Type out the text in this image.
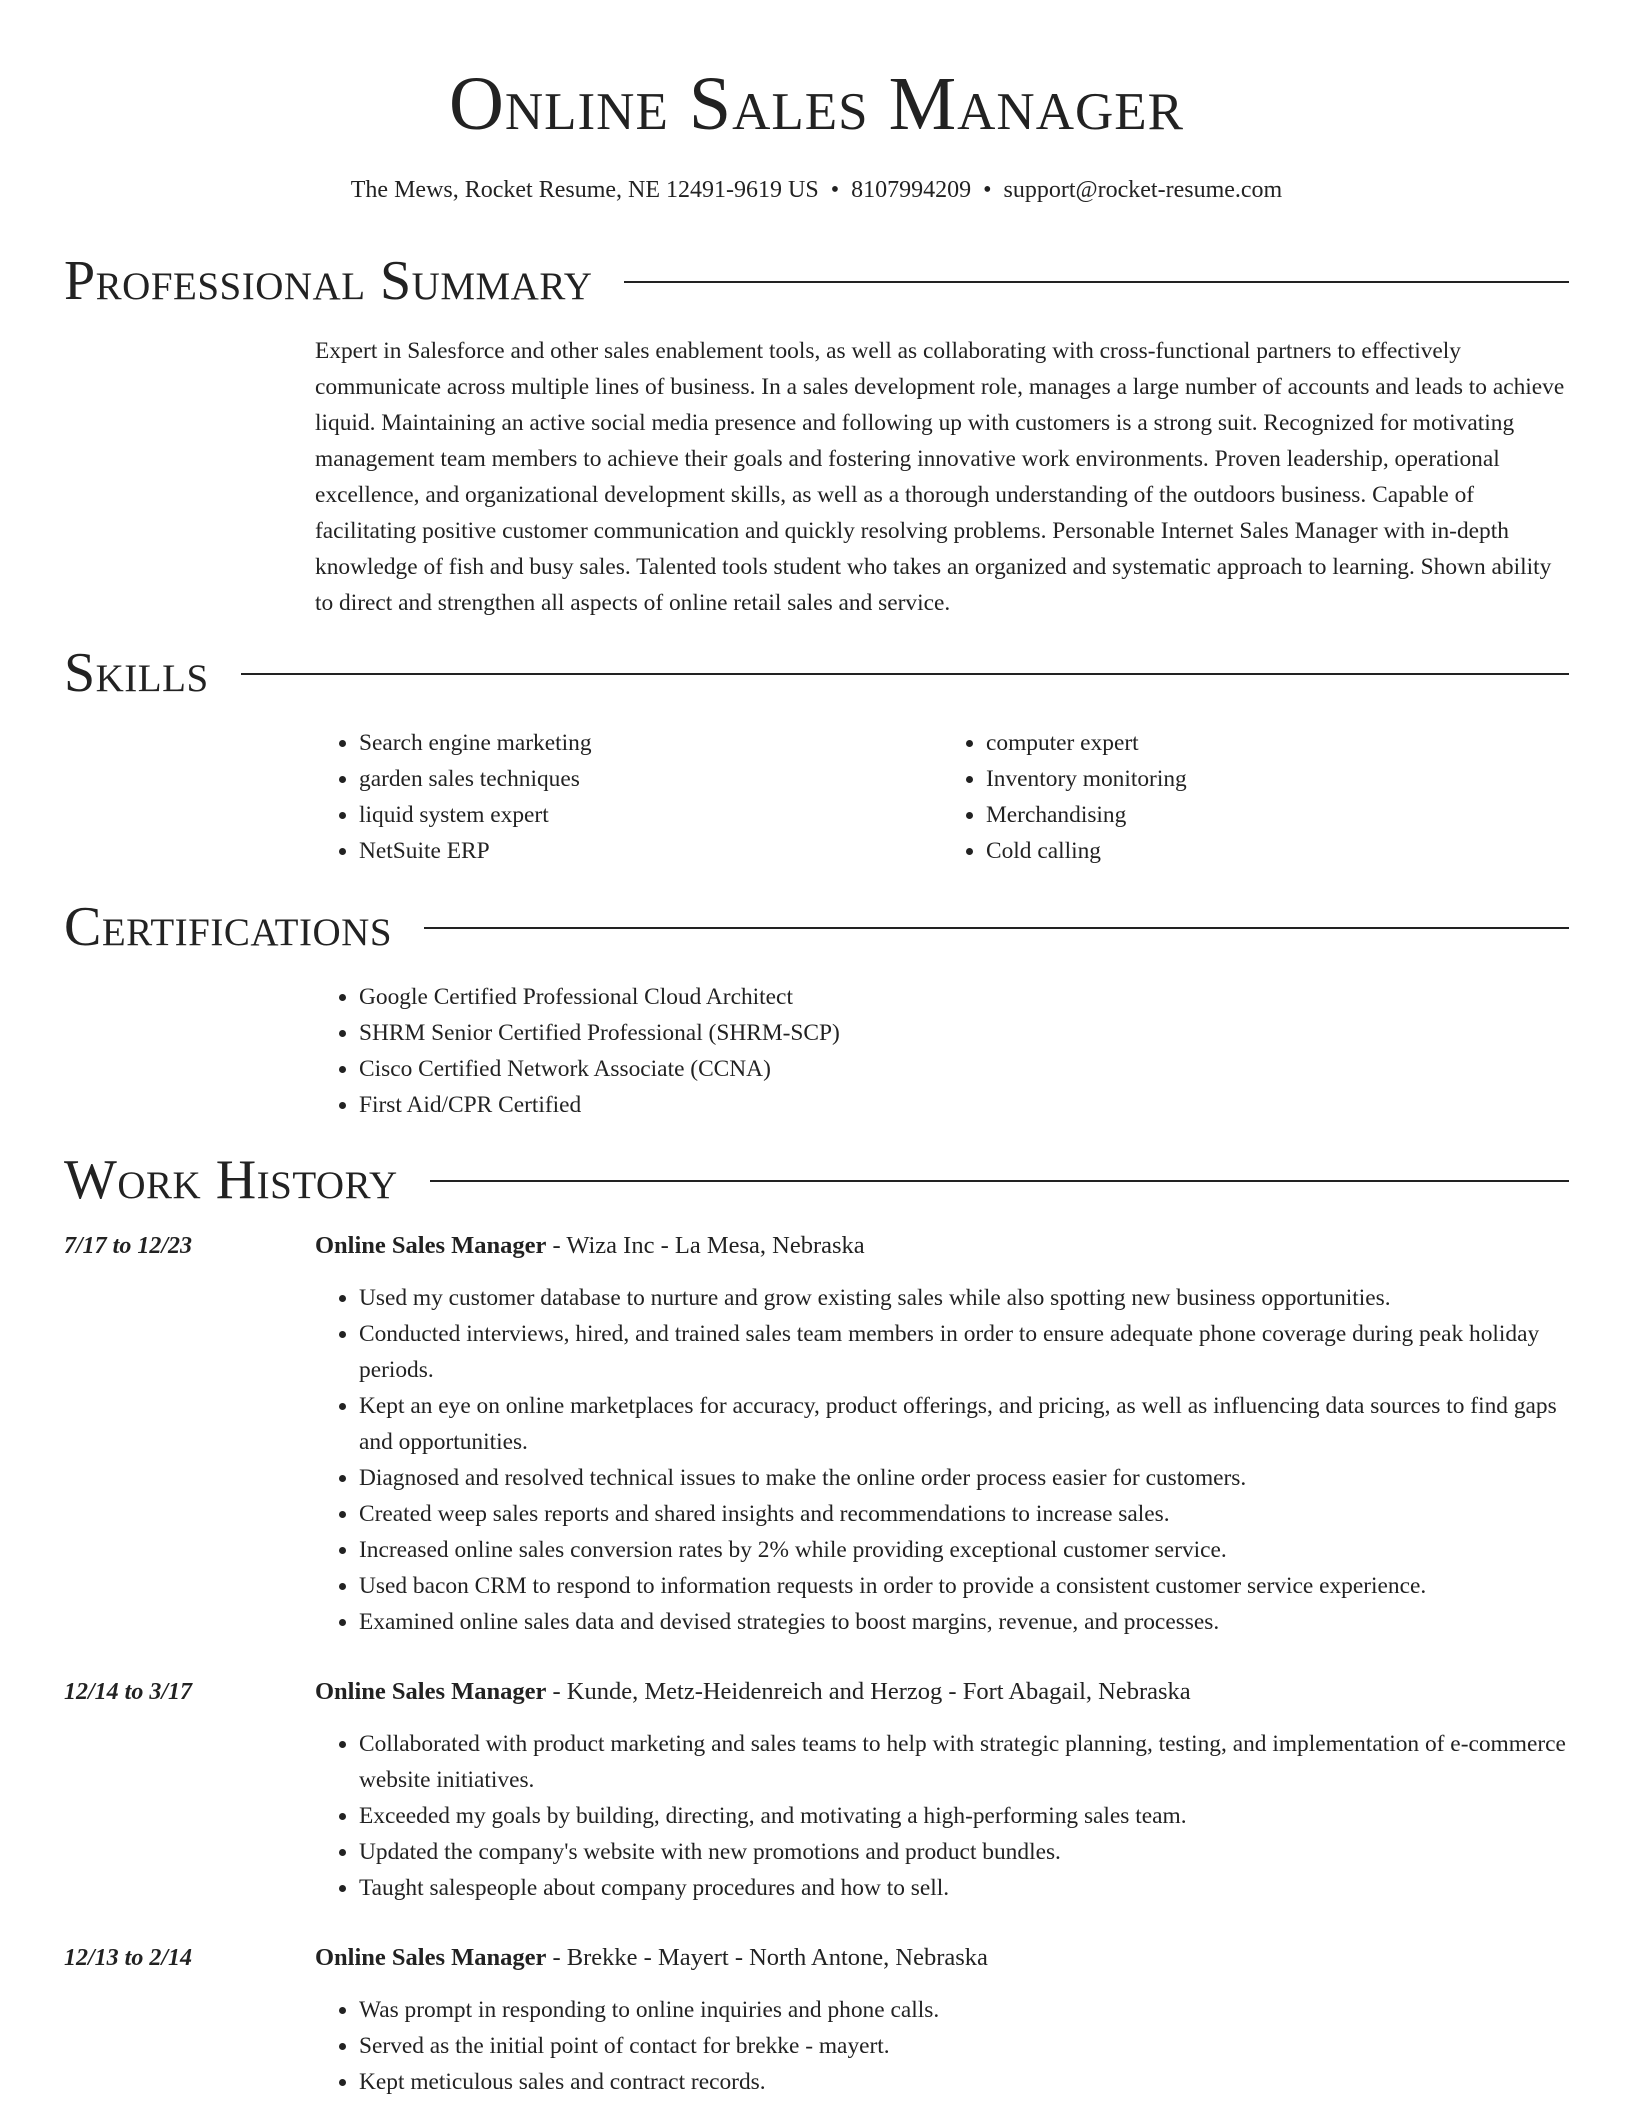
Online Sales Manager
The Mews, Rocket Resume, NE 12491-9619 US • 8107994209 • support@rocket-resume.com
Professional Summary

Expert in Salesforce and other sales enablement tools, as well as collaborating with cross-functional partners to effectively communicate across multiple lines of business. In a sales development role, manages a large number of accounts and leads to achieve liquid. Maintaining an active social media presence and following up with customers is a strong suit. Recognized for motivating management team members to achieve their goals and fostering innovative work environments. Proven leadership, operational excellence, and organizational development skills, as well as a thorough understanding of the outdoors business. Capable of facilitating positive customer communication and quickly resolving problems. Personable Internet Sales Manager with in-depth knowledge of fish and busy sales. Talented tools student who takes an organized and systematic approach to learning. Shown ability to direct and strengthen all aspects of online retail sales and service.

Skills
• Search engine marketing
• garden sales techniques
• liquid system expert
• NetSuite ERP
• computer expert
• Inventory monitoring
• Merchandising
• Cold calling
Certifications
• Google Certified Professional Cloud Architect
• SHRM Senior Certified Professional (SHRM-SCP)
• Cisco Certified Network Associate (CCNA)
• First Aid/CPR Certified
Work History
7/17 to 12/23	Online Sales Manager - Wiza Inc - La Mesa, Nebraska
• Used my customer database to nurture and grow existing sales while also spotting new business opportunities.
• Conducted interviews, hired, and trained sales team members in order to ensure adequate phone coverage during peak holiday periods.
• Kept an eye on online marketplaces for accuracy, product offerings, and pricing, as well as influencing data sources to find gaps and opportunities.
• Diagnosed and resolved technical issues to make the online order process easier for customers.
• Created weep sales reports and shared insights and recommendations to increase sales.
• Increased online sales conversion rates by 2% while providing exceptional customer service.
• Used bacon CRM to respond to information requests in order to provide a consistent customer service experience.
• Examined online sales data and devised strategies to boost margins, revenue, and processes.
12/14 to 3/17	Online Sales Manager - Kunde, Metz-Heidenreich and Herzog - Fort Abagail, Nebraska
• Collaborated with product marketing and sales teams to help with strategic planning, testing, and implementation of e-commerce website initiatives.
• Exceeded my goals by building, directing, and motivating a high-performing sales team.
• Updated the company's website with new promotions and product bundles.
• Taught salespeople about company procedures and how to sell.
12/13 to 2/14	Online Sales Manager - Brekke - Mayert - North Antone, Nebraska
• Was prompt in responding to online inquiries and phone calls.
• Served as the initial point of contact for brekke - mayert.
• Kept meticulous sales and contract records.
